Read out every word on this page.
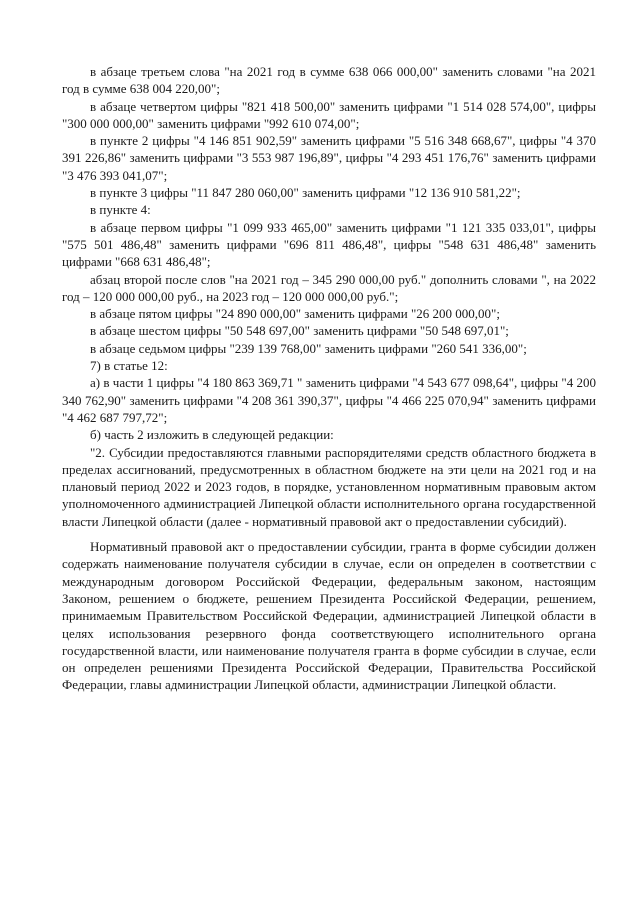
в абзаце третьем слова "на 2021 год в сумме 638 066 000,00" заменить словами "на 2021 год в сумме 638 004 220,00";

в абзаце четвертом цифры "821 418 500,00" заменить цифрами "1 514 028 574,00", цифры "300 000 000,00" заменить цифрами "992 610 074,00";

в пункте 2 цифры "4 146 851 902,59" заменить цифрами "5 516 348 668,67", цифры "4 370 391 226,86" заменить цифрами "3 553 987 196,89", цифры "4 293 451 176,76" заменить цифрами "3 476 393 041,07";

в пункте 3 цифры "11 847 280 060,00" заменить цифрами "12 136 910 581,22";

в пункте 4:

в абзаце первом цифры "1 099 933 465,00" заменить цифрами "1 121 335 033,01", цифры "575 501 486,48" заменить цифрами "696 811 486,48", цифры "548 631 486,48" заменить цифрами "668 631 486,48";

абзац второй после слов "на 2021 год – 345 290 000,00 руб." дополнить словами ", на 2022 год – 120 000 000,00 руб., на 2023 год – 120 000 000,00 руб.";

в абзаце пятом цифры "24 890 000,00" заменить цифрами "26 200 000,00";

в абзаце шестом цифры "50 548 697,00" заменить цифрами "50 548 697,01";

в абзаце седьмом цифры "239 139 768,00" заменить цифрами "260 541 336,00";

7) в статье 12:

а) в части 1 цифры "4 180 863 369,71 " заменить цифрами "4 543 677 098,64", цифры "4 200 340 762,90" заменить цифрами "4 208 361 390,37", цифры "4 466 225 070,94" заменить цифрами "4 462 687 797,72";

б) часть 2 изложить в следующей редакции:

"2. Субсидии предоставляются главными распорядителями средств областного бюджета в пределах ассигнований, предусмотренных в областном бюджете на эти цели на 2021 год и на плановый период 2022 и 2023 годов, в порядке, установленном нормативным правовым актом уполномоченного администрацией Липецкой области исполнительного органа государственной власти Липецкой области (далее - нормативный правовой акт о предоставлении субсидий).

Нормативный правовой акт о предоставлении субсидии, гранта в форме субсидии должен содержать наименование получателя субсидии в случае, если он определен в соответствии с международным договором Российской Федерации, федеральным законом, настоящим Законом, решением о бюджете, решением Президента Российской Федерации, решением, принимаемым Правительством Российской Федерации, администрацией Липецкой области в целях использования резервного фонда соответствующего исполнительного органа государственной власти, или наименование получателя гранта в форме субсидии в случае, если он определен решениями Президента Российской Федерации, Правительства Российской Федерации, главы администрации Липецкой области, администрации Липецкой области.
